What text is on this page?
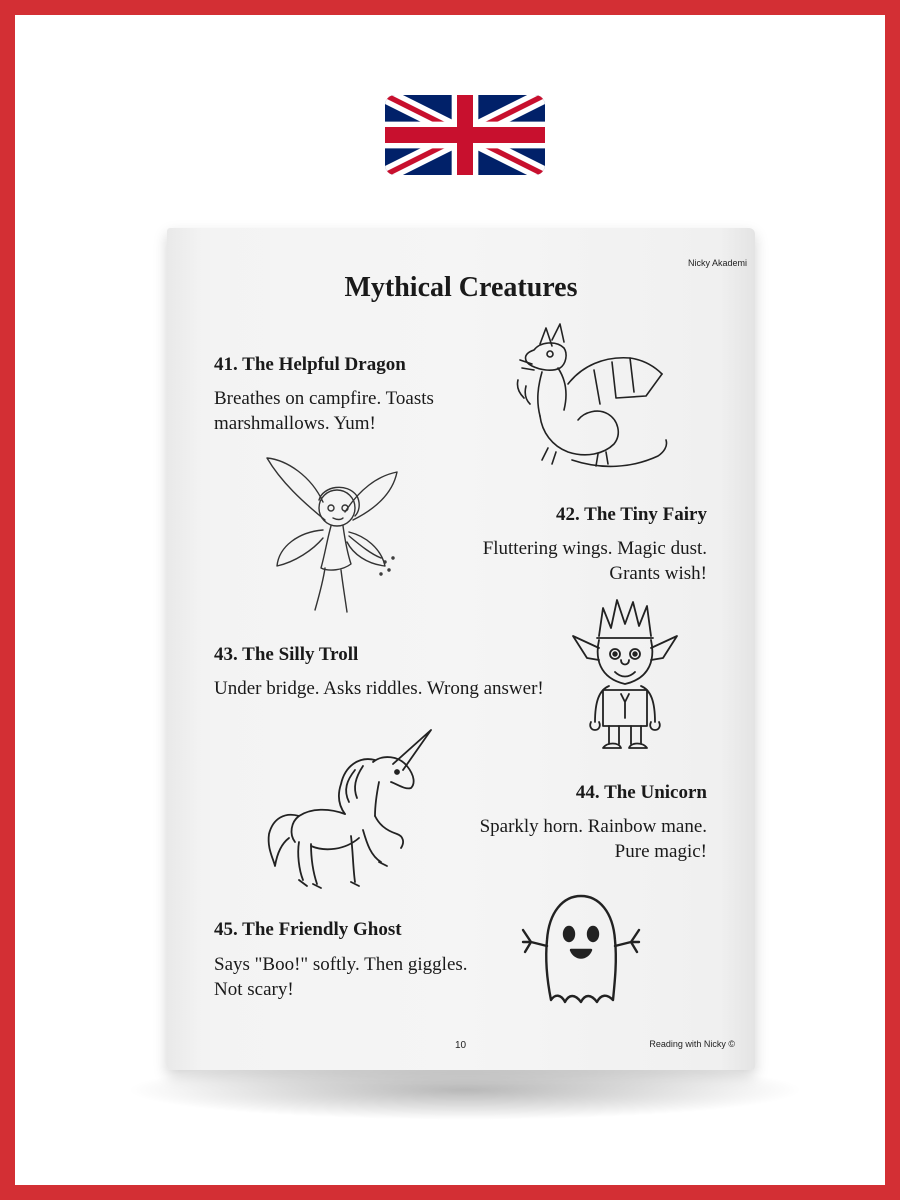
Nicky Akademi
Mythical Creatures
41. The Helpful Dragon
Breathes on campfire. Toasts
marshmallows. Yum!
42. The Tiny Fairy
Fluttering wings. Magic dust.
Grants wish!
43. The Silly Troll
Under bridge. Asks riddles. Wrong answer!
44. The Unicorn
Sparkly horn. Rainbow mane.
Pure magic!
45. The Friendly Ghost
Says "Boo!" softly. Then giggles.
Not scary!
10	Reading with Nicky ©
